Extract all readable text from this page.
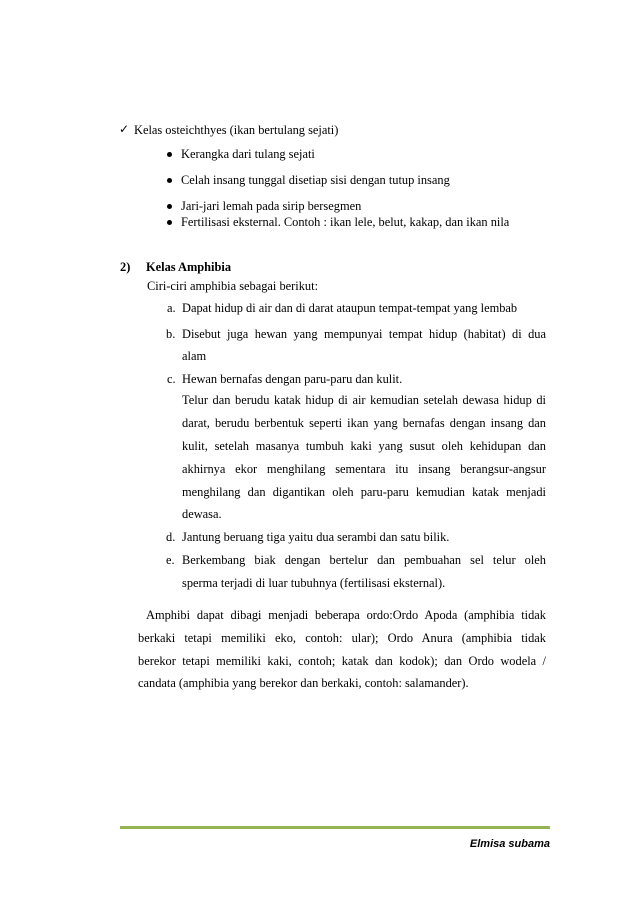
✓ Kelas osteichthyes (ikan bertulang sejati)
Kerangka dari tulang sejati
Celah insang tunggal disetiap sisi dengan tutup insang
Jari-jari lemah pada sirip bersegmen
Fertilisasi eksternal. Contoh : ikan lele, belut, kakap, dan ikan nila
2) Kelas Amphibia
Ciri-ciri amphibia sebagai berikut:
a. Dapat hidup di air dan di darat ataupun tempat-tempat yang lembab
b. Disebut juga hewan yang mempunyai tempat hidup (habitat) di dua
alam
c. Hewan bernafas dengan paru-paru dan kulit.
Telur dan berudu katak hidup di air kemudian setelah dewasa hidup di
darat, berudu berbentuk seperti ikan yang bernafas dengan insang dan
kulit, setelah masanya tumbuh kaki yang susut oleh kehidupan dan
akhirnya ekor menghilang sementara itu insang berangsur-angsur
menghilang dan digantikan oleh paru-paru kemudian katak menjadi
dewasa.
d. Jantung beruang tiga yaitu dua serambi dan satu bilik.
e. Berkembang biak dengan bertelur dan pembuahan sel telur oleh
sperma terjadi di luar tubuhnya (fertilisasi eksternal).
Amphibi dapat dibagi menjadi beberapa ordo:Ordo Apoda (amphibia tidak
berkaki tetapi memiliki eko, contoh: ular); Ordo Anura (amphibia tidak
berekor tetapi memiliki kaki, contoh; katak dan kodok); dan Ordo wodela /
candata (amphibia yang berekor dan berkaki, contoh: salamander).
Elmisa subama
